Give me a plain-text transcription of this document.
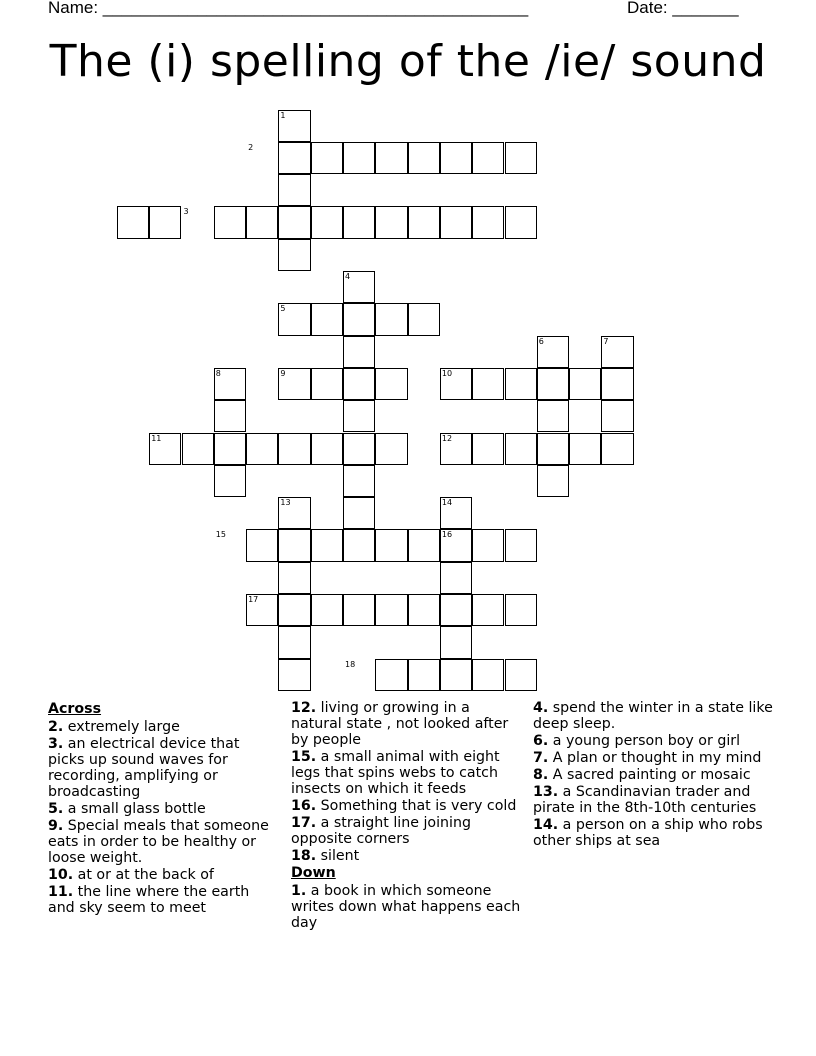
Name: _____________________________________________	Date: _______
The (i) spelling of the /ie/ sound
1
5
4
9	10
6	7
8
12
13	14
16
17
11
2
3
15
18
Across
2. extremely large
3. an electrical device that picks up sound waves for recording, amplifying or broadcasting
5. a small glass bottle
9. Special meals that someone eats in order to be healthy or loose weight.
10. at or at the back of
11. the line where the earth and sky seem to meet
12. living or growing in a natural state , not looked after by people
15. a small animal with eight legs that spins webs to catch insects on which it feeds
16. Something that is very cold
17. a straight line joining opposite corners
18. silent
Down
1. a book in which someone writes down what happens each day
4. spend the winter in a state like deep sleep.
6. a young person boy or girl
7. A plan or thought in my mind
8. A sacred painting or mosaic
13. a Scandinavian trader and pirate in the 8th-10th centuries
14. a person on a ship who robs other ships at sea
